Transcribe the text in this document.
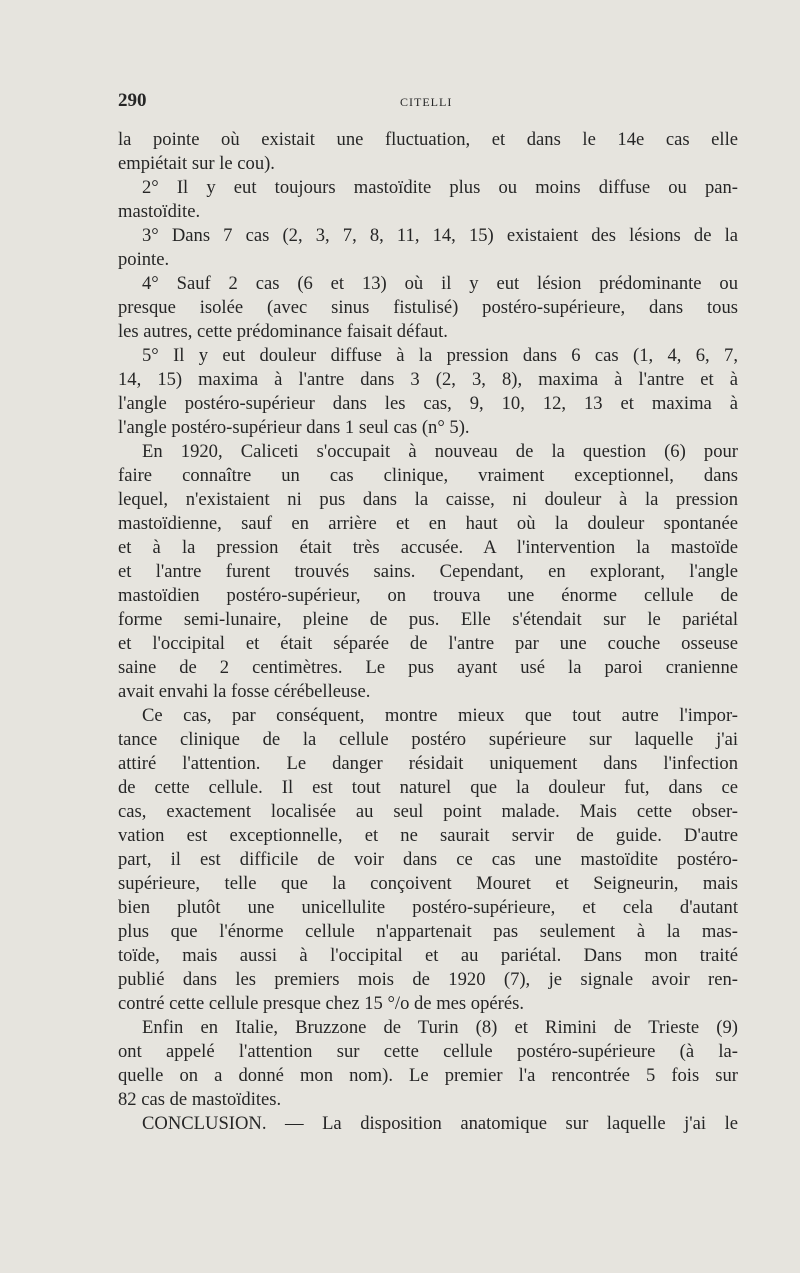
290	CITELLI
la pointe où existait une fluctuation, et dans le 14e cas elle
empiétait sur le cou).
2° Il y eut toujours mastoïdite plus ou moins diffuse ou pan-
mastoïdite.
3° Dans 7 cas (2, 3, 7, 8, 11, 14, 15) existaient des lésions de la
pointe.
4° Sauf 2 cas (6 et 13) où il y eut lésion prédominante ou
presque isolée (avec sinus fistulisé) postéro-supérieure, dans tous
les autres, cette prédominance faisait défaut.
5° Il y eut douleur diffuse à la pression dans 6 cas (1, 4, 6, 7,
14, 15) maxima à l'antre dans 3 (2, 3, 8), maxima à l'antre et à
l'angle postéro-supérieur dans les cas, 9, 10, 12, 13 et maxima à
l'angle postéro-supérieur dans 1 seul cas (n° 5).
En 1920, Caliceti s'occupait à nouveau de la question (6) pour
faire connaître un cas clinique, vraiment exceptionnel, dans
lequel, n'existaient ni pus dans la caisse, ni douleur à la pression
mastoïdienne, sauf en arrière et en haut où la douleur spontanée
et à la pression était très accusée. A l'intervention la mastoïde
et l'antre furent trouvés sains. Cependant, en explorant, l'angle
mastoïdien postéro-supérieur, on trouva une énorme cellule de
forme semi-lunaire, pleine de pus. Elle s'étendait sur le pariétal
et l'occipital et était séparée de l'antre par une couche osseuse
saine de 2 centimètres. Le pus ayant usé la paroi cranienne
avait envahi la fosse cérébelleuse.
Ce cas, par conséquent, montre mieux que tout autre l'impor-
tance clinique de la cellule postéro supérieure sur laquelle j'ai
attiré l'attention. Le danger résidait uniquement dans l'infection
de cette cellule. Il est tout naturel que la douleur fut, dans ce
cas, exactement localisée au seul point malade. Mais cette obser-
vation est exceptionnelle, et ne saurait servir de guide. D'autre
part, il est difficile de voir dans ce cas une mastoïdite postéro-
supérieure, telle que la conçoivent Mouret et Seigneurin, mais
bien plutôt une unicellulite postéro-supérieure, et cela d'autant
plus que l'énorme cellule n'appartenait pas seulement à la mas-
toïde, mais aussi à l'occipital et au pariétal. Dans mon traité
publié dans les premiers mois de 1920 (7), je signale avoir ren-
contré cette cellule presque chez 15 °/o de mes opérés.
Enfin en Italie, Bruzzone de Turin (8) et Rimini de Trieste (9)
ont appelé l'attention sur cette cellule postéro-supérieure (à la-
quelle on a donné mon nom). Le premier l'a rencontrée 5 fois sur
82 cas de mastoïdites.
CONCLUSION. — La disposition anatomique sur laquelle j'ai le
